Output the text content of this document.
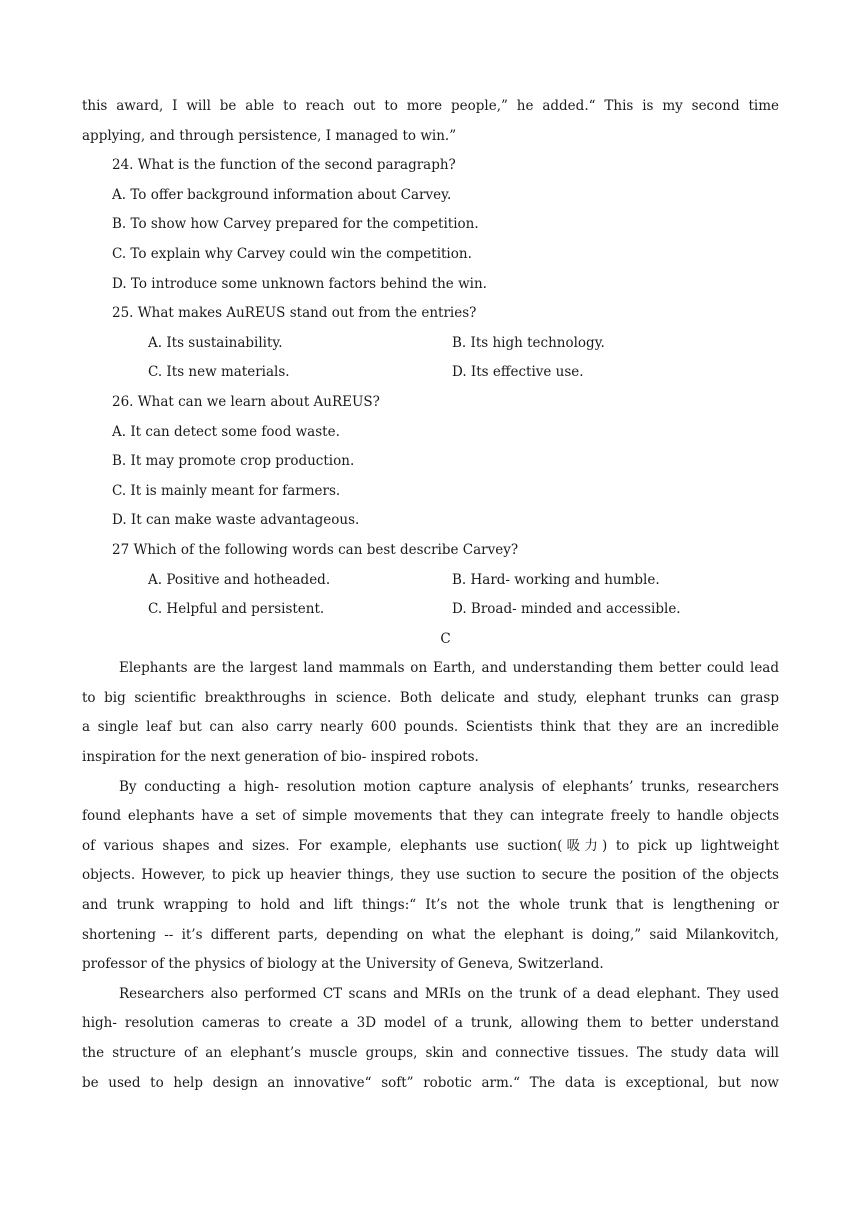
this award, I will be able to reach out to more people,” he added.“ This is my second time
applying, and through persistence, I managed to win.”
24. What is the function of the second paragraph?
A. To offer background information about Carvey.
B. To show how Carvey prepared for the competition.
C. To explain why Carvey could win the competition.
D. To introduce some unknown factors behind the win.
25. What makes AuREUS stand out from the entries?
A. Its sustainability.	B. Its high technology.
C. Its new materials.	D. Its effective use.
26. What can we learn about AuREUS?
A. It can detect some food waste.
B. It may promote crop production.
C. It is mainly meant for farmers.
D. It can make waste advantageous.
27 Which of the following words can best describe Carvey?
A. Positive and hotheaded.	B. Hard- working and humble.
C. Helpful and persistent.	D. Broad- minded and accessible.
C
Elephants are the largest land mammals on Earth, and understanding them better could lead
to big scientific breakthroughs in science. Both delicate and study, elephant trunks can grasp
a single leaf but can also carry nearly 600 pounds. Scientists think that they are an incredible
inspiration for the next generation of bio- inspired robots.
By conducting a high- resolution motion capture analysis of elephants’ trunks, researchers
found elephants have a set of simple movements that they can integrate freely to handle objects
of various shapes and sizes. For example, elephants use suction(吸力) to pick up lightweight
objects. However, to pick up heavier things, they use suction to secure the position of the objects
and trunk wrapping to hold and lift things:“ It’s not the whole trunk that is lengthening or
shortening -- it’s different parts, depending on what the elephant is doing,” said Milankovitch,
professor of the physics of biology at the University of Geneva, Switzerland.
Researchers also performed CT scans and MRIs on the trunk of a dead elephant. They used
high- resolution cameras to create a 3D model of a trunk, allowing them to better understand
the structure of an elephant’s muscle groups, skin and connective tissues. The study data will
be used to help design an innovative“ soft” robotic arm.“ The data is exceptional, but now
